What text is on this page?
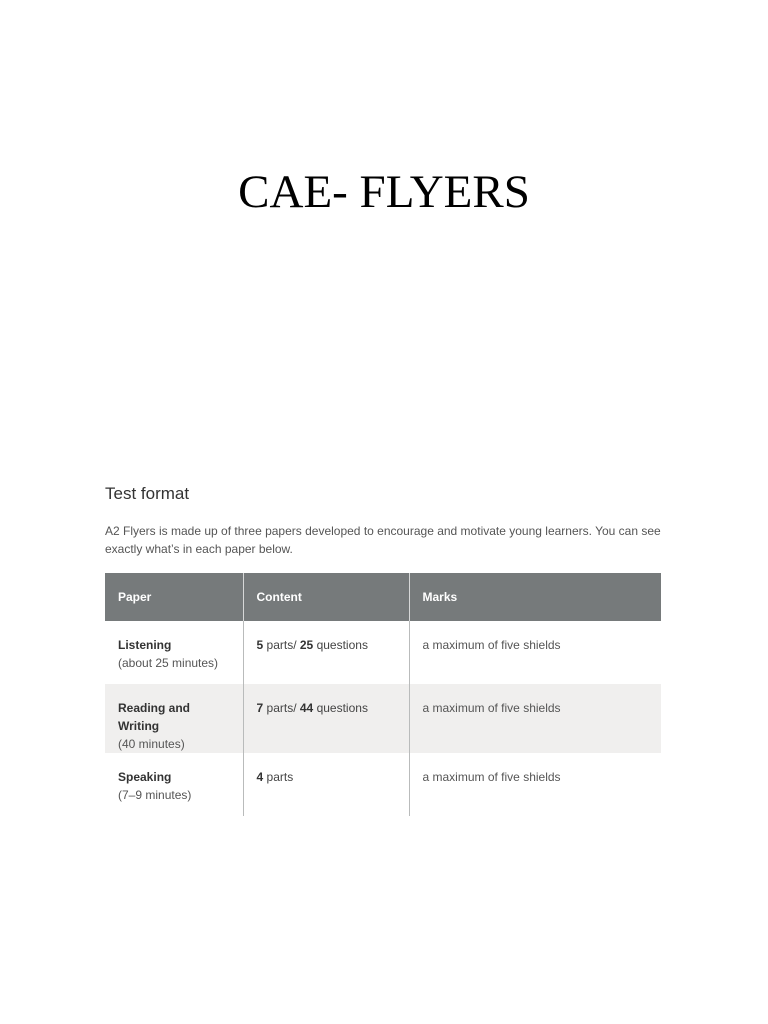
CAE- FLYERS
Test format

A2 Flyers is made up of three papers developed to encourage and motivate young learners. You can see exactly what’s in each paper below.

Paper	Content	Marks

Listening
(about 25 minutes)	5 parts/ 25 questions	a maximum of five shields

Reading and Writing
(40 minutes)	7 parts/ 44 questions	a maximum of five shields

Speaking
(7–9 minutes)	4 parts	a maximum of five shields
